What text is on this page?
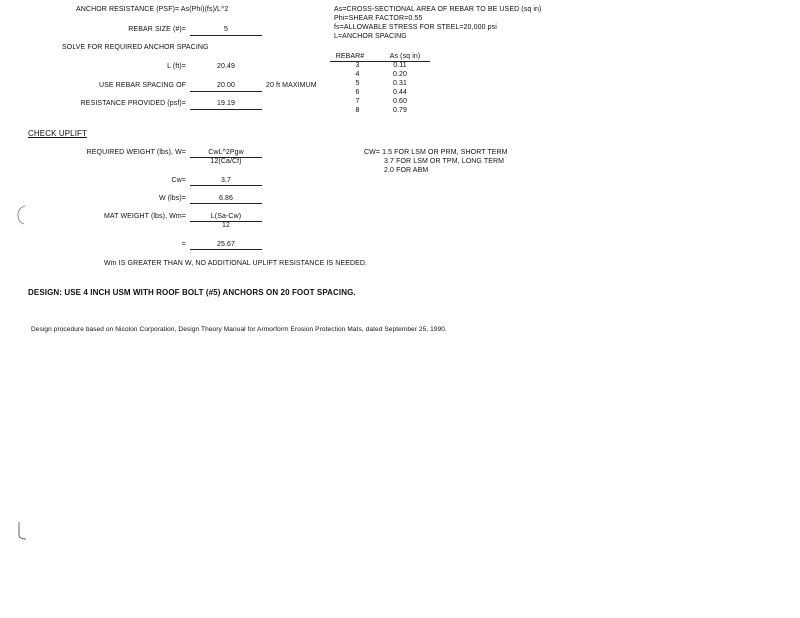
ANCHOR RESISTANCE (PSF)= As(Phi)(fs)/L^2
REBAR SIZE (#)=	5
SOLVE FOR REQUIRED ANCHOR SPACING
L (ft)=	20.49
USE REBAR SPACING OF	20.00	20 ft MAXIMUM
RESISTANCE PROVIDED (psf)=	19.19
As=CROSS-SECTIONAL AREA OF REBAR TO BE USED (sq in)
Phi=SHEAR FACTOR=0.55
fs=ALLOWABLE STRESS FOR STEEL=20,000 psi
L=ANCHOR SPACING
REBAR#	As (sq in)
3	0.11
4	0.20
5	0.31
6	0.44
7	0.60
8	0.79
CHECK UPLIFT
REQUIRED WEIGHT (lbs), W=	CwL^2Pgw
12(Ca/Cf)
Cw=	3.7
W (lbs)=	6.86
MAT WEIGHT (lbs), Wm=	L(Sa-Cw)
12
=	25.67
Wm IS GREATER THAN W, NO ADDITIONAL UPLIFT RESISTANCE IS NEEDED.
CW= 1.5 FOR LSM OR PRM, SHORT TERM
3.7 FOR LSM OR TPM, LONG TERM
2.0 FOR ABM
DESIGN: USE 4 INCH USM WITH ROOF BOLT (#5) ANCHORS ON 20 FOOT SPACING.
Design procedure based on Nicolon Corporation, Design Theory Manual for Armorform Erosion Protection Mats, dated September 25, 1990.
